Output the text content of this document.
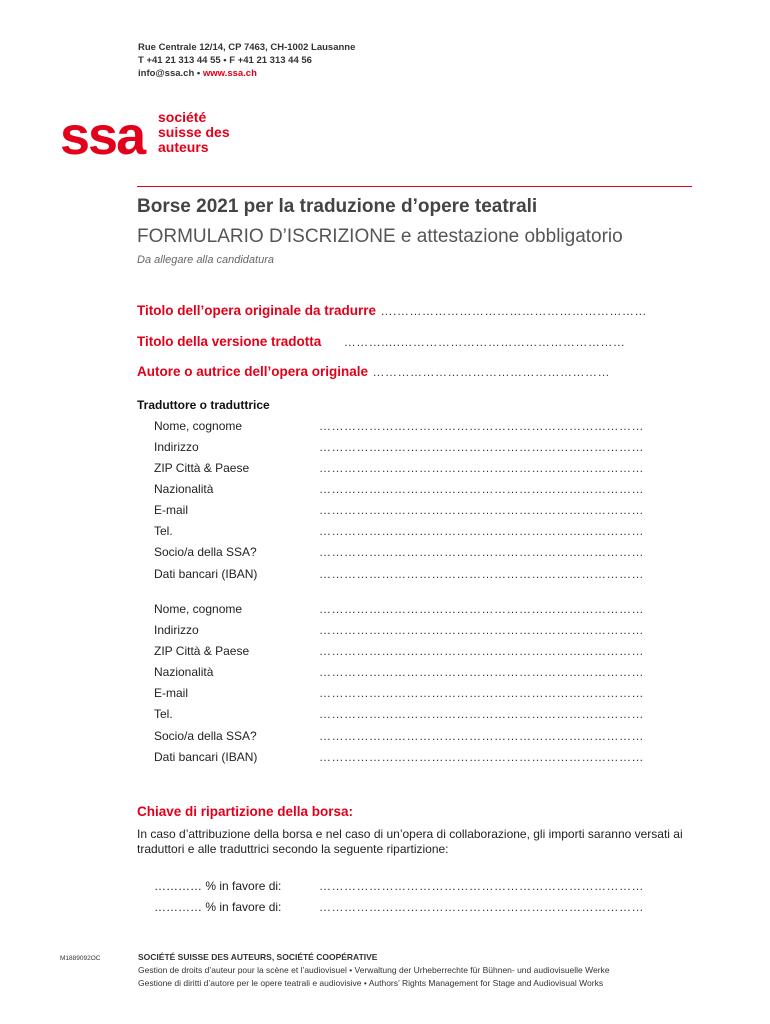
Rue Centrale 12/14, CP 7463, CH-1002 Lausanne
T +41 21 313 44 55 • F +41 21 313 44 56
info@ssa.ch • www.ssa.ch
ssa société
suisse des
auteurs
Borse 2021 per la traduzione d’opere teatrali
FORMULARIO D’ISCRIZIONE e attestazione obbligatorio
Da allegare alla candidatura
Titolo dell’opera originale da tradurre ….……………………………………………………
Titolo della versione tradotta ……….....………………………………………………
Autore o autrice dell’opera originale …………………………………………………
Traduttore o traduttrice
Nome, cognome	……………………………………………………………………
Indirizzo	……………………………………………………………………
ZIP Città & Paese	……………………………………………………………………
Nazionalità	……………………………………………………………………
E-mail	……………………………………………………………………
Tel.	……………………………………………………………………
Socio/a della SSA?	……………………………………………………………………
Dati bancari (IBAN)	……………………………………………………………………
Nome, cognome	……………………………………………………………………
Indirizzo	……………………………………………………………………
ZIP Città & Paese	……………………………………………………………………
Nazionalità	……………………………………………………………………
E-mail	……………………………………………………………………
Tel.	……………………………………………………………………
Socio/a della SSA?	……………………………………………………………………
Dati bancari (IBAN)	……………………………………………………………………
Chiave di ripartizione della borsa:
In caso d’attribuzione della borsa e nel caso di un’opera di collaborazione, gli importi saranno versati ai traduttori e alle traduttrici secondo la seguente ripartizione:
………… % in favore di:	……………………………………………………………………
………… % in favore di:	……………………………………………………………………
M1889092OC	SOCIÉTÉ SUISSE DES AUTEURS, SOCIÉTÉ COOPÉRATIVE
Gestion de droits d’auteur pour la scène et l’audiovisuel • Verwaltung der Urheberrechte für Bühnen- und audiovisuelle Werke
Gestione di diritti d’autore per le opere teatrali e audiovisive • Authors’ Rights Management for Stage and Audiovisual Works
